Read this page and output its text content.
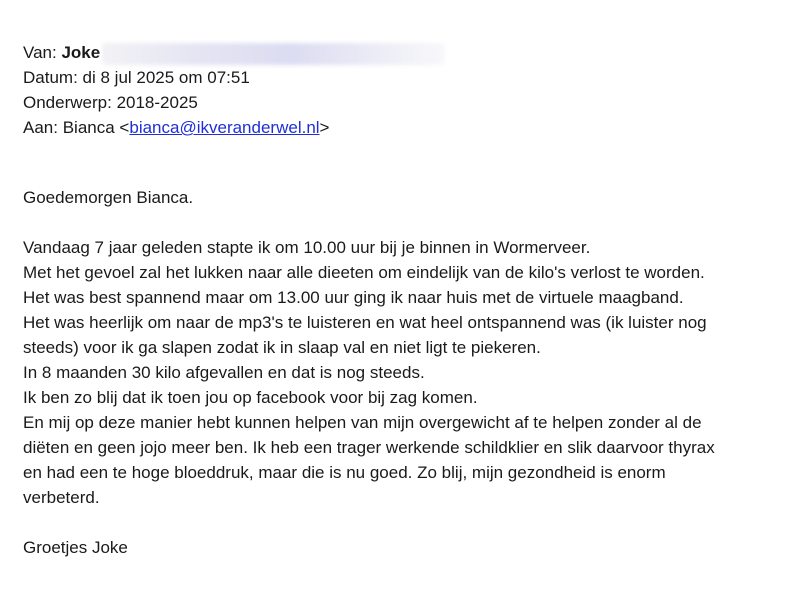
Van: Joke
Datum: di 8 jul 2025 om 07:51
Onderwerp: 2018-2025
Aan: Bianca <bianca@ikveranderwel.nl>
Goedemorgen Bianca.
Vandaag 7 jaar geleden stapte ik om 10.00 uur bij je binnen in Wormerveer.
Met het gevoel zal het lukken naar alle dieeten om eindelijk van de kilo's verlost te worden.
Het was best spannend maar om 13.00 uur ging ik naar huis met de virtuele maagband.
Het was heerlijk om naar de mp3's te luisteren en wat heel ontspannend was (ik luister nog
steeds) voor ik ga slapen zodat ik in slaap val en niet ligt te piekeren.
In 8 maanden 30 kilo afgevallen en dat is nog steeds.
Ik ben zo blij dat ik toen jou op facebook voor bij zag komen.
En mij op deze manier hebt kunnen helpen van mijn overgewicht af te helpen zonder al de
diëten en geen jojo meer ben. Ik heb een trager werkende schildklier en slik daarvoor thyrax
en had een te hoge bloeddruk, maar die is nu goed. Zo blij, mijn gezondheid is enorm
verbeterd.
Groetjes Joke
